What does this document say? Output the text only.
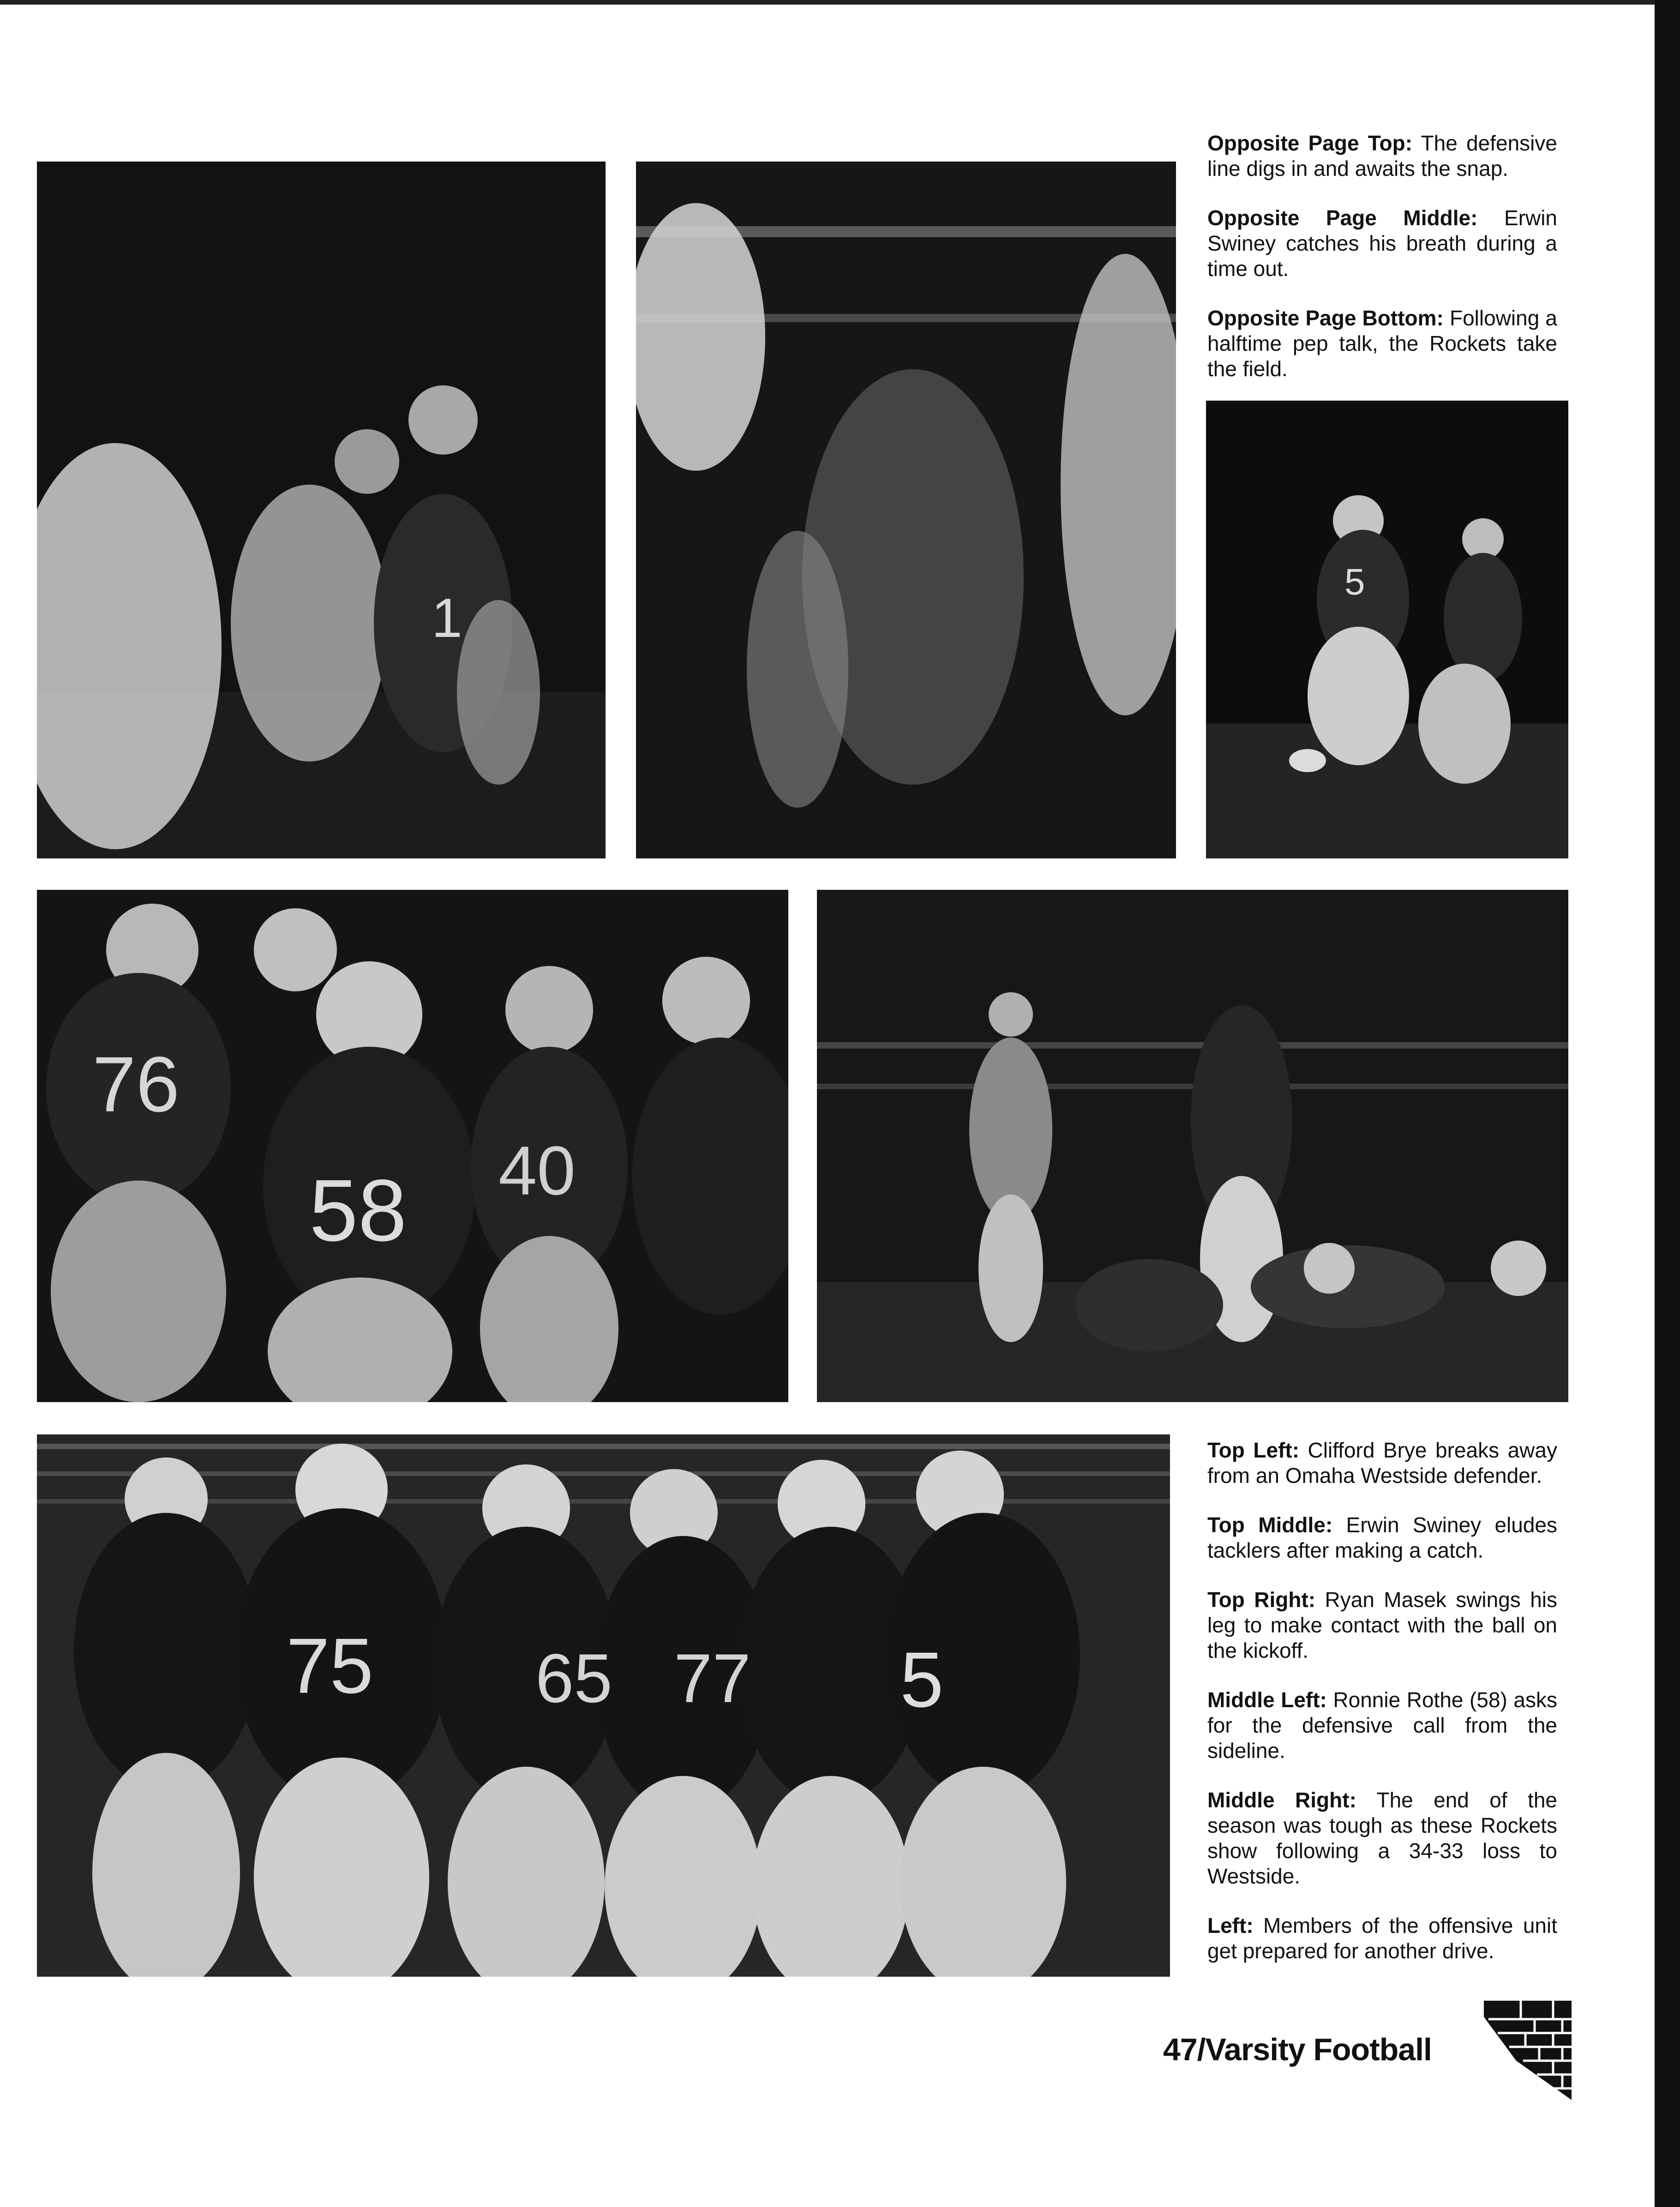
1
5

Opposite Page Top: The defensive line digs in and awaits the snap.

Opposite Page Middle: Erwin Swiney catches his breath during a time out.

Opposite Page Bottom: Following a halftime pep talk, the Rockets take the field.

76
58 40
75 65 77 5

Top Left: Clifford Brye breaks away from an Omaha Westside defender.

Top Middle: Erwin Swiney eludes tacklers after making a catch.

Top Right: Ryan Masek swings his leg to make contact with the ball on the kickoff.

Middle Left: Ronnie Rothe (58) asks for the defensive call from the sideline.

Middle Right: The end of the season was tough as these Rockets show following a 34-33 loss to Westside.

Left: Members of the offensive unit get prepared for another drive.

47/Varsity Football
